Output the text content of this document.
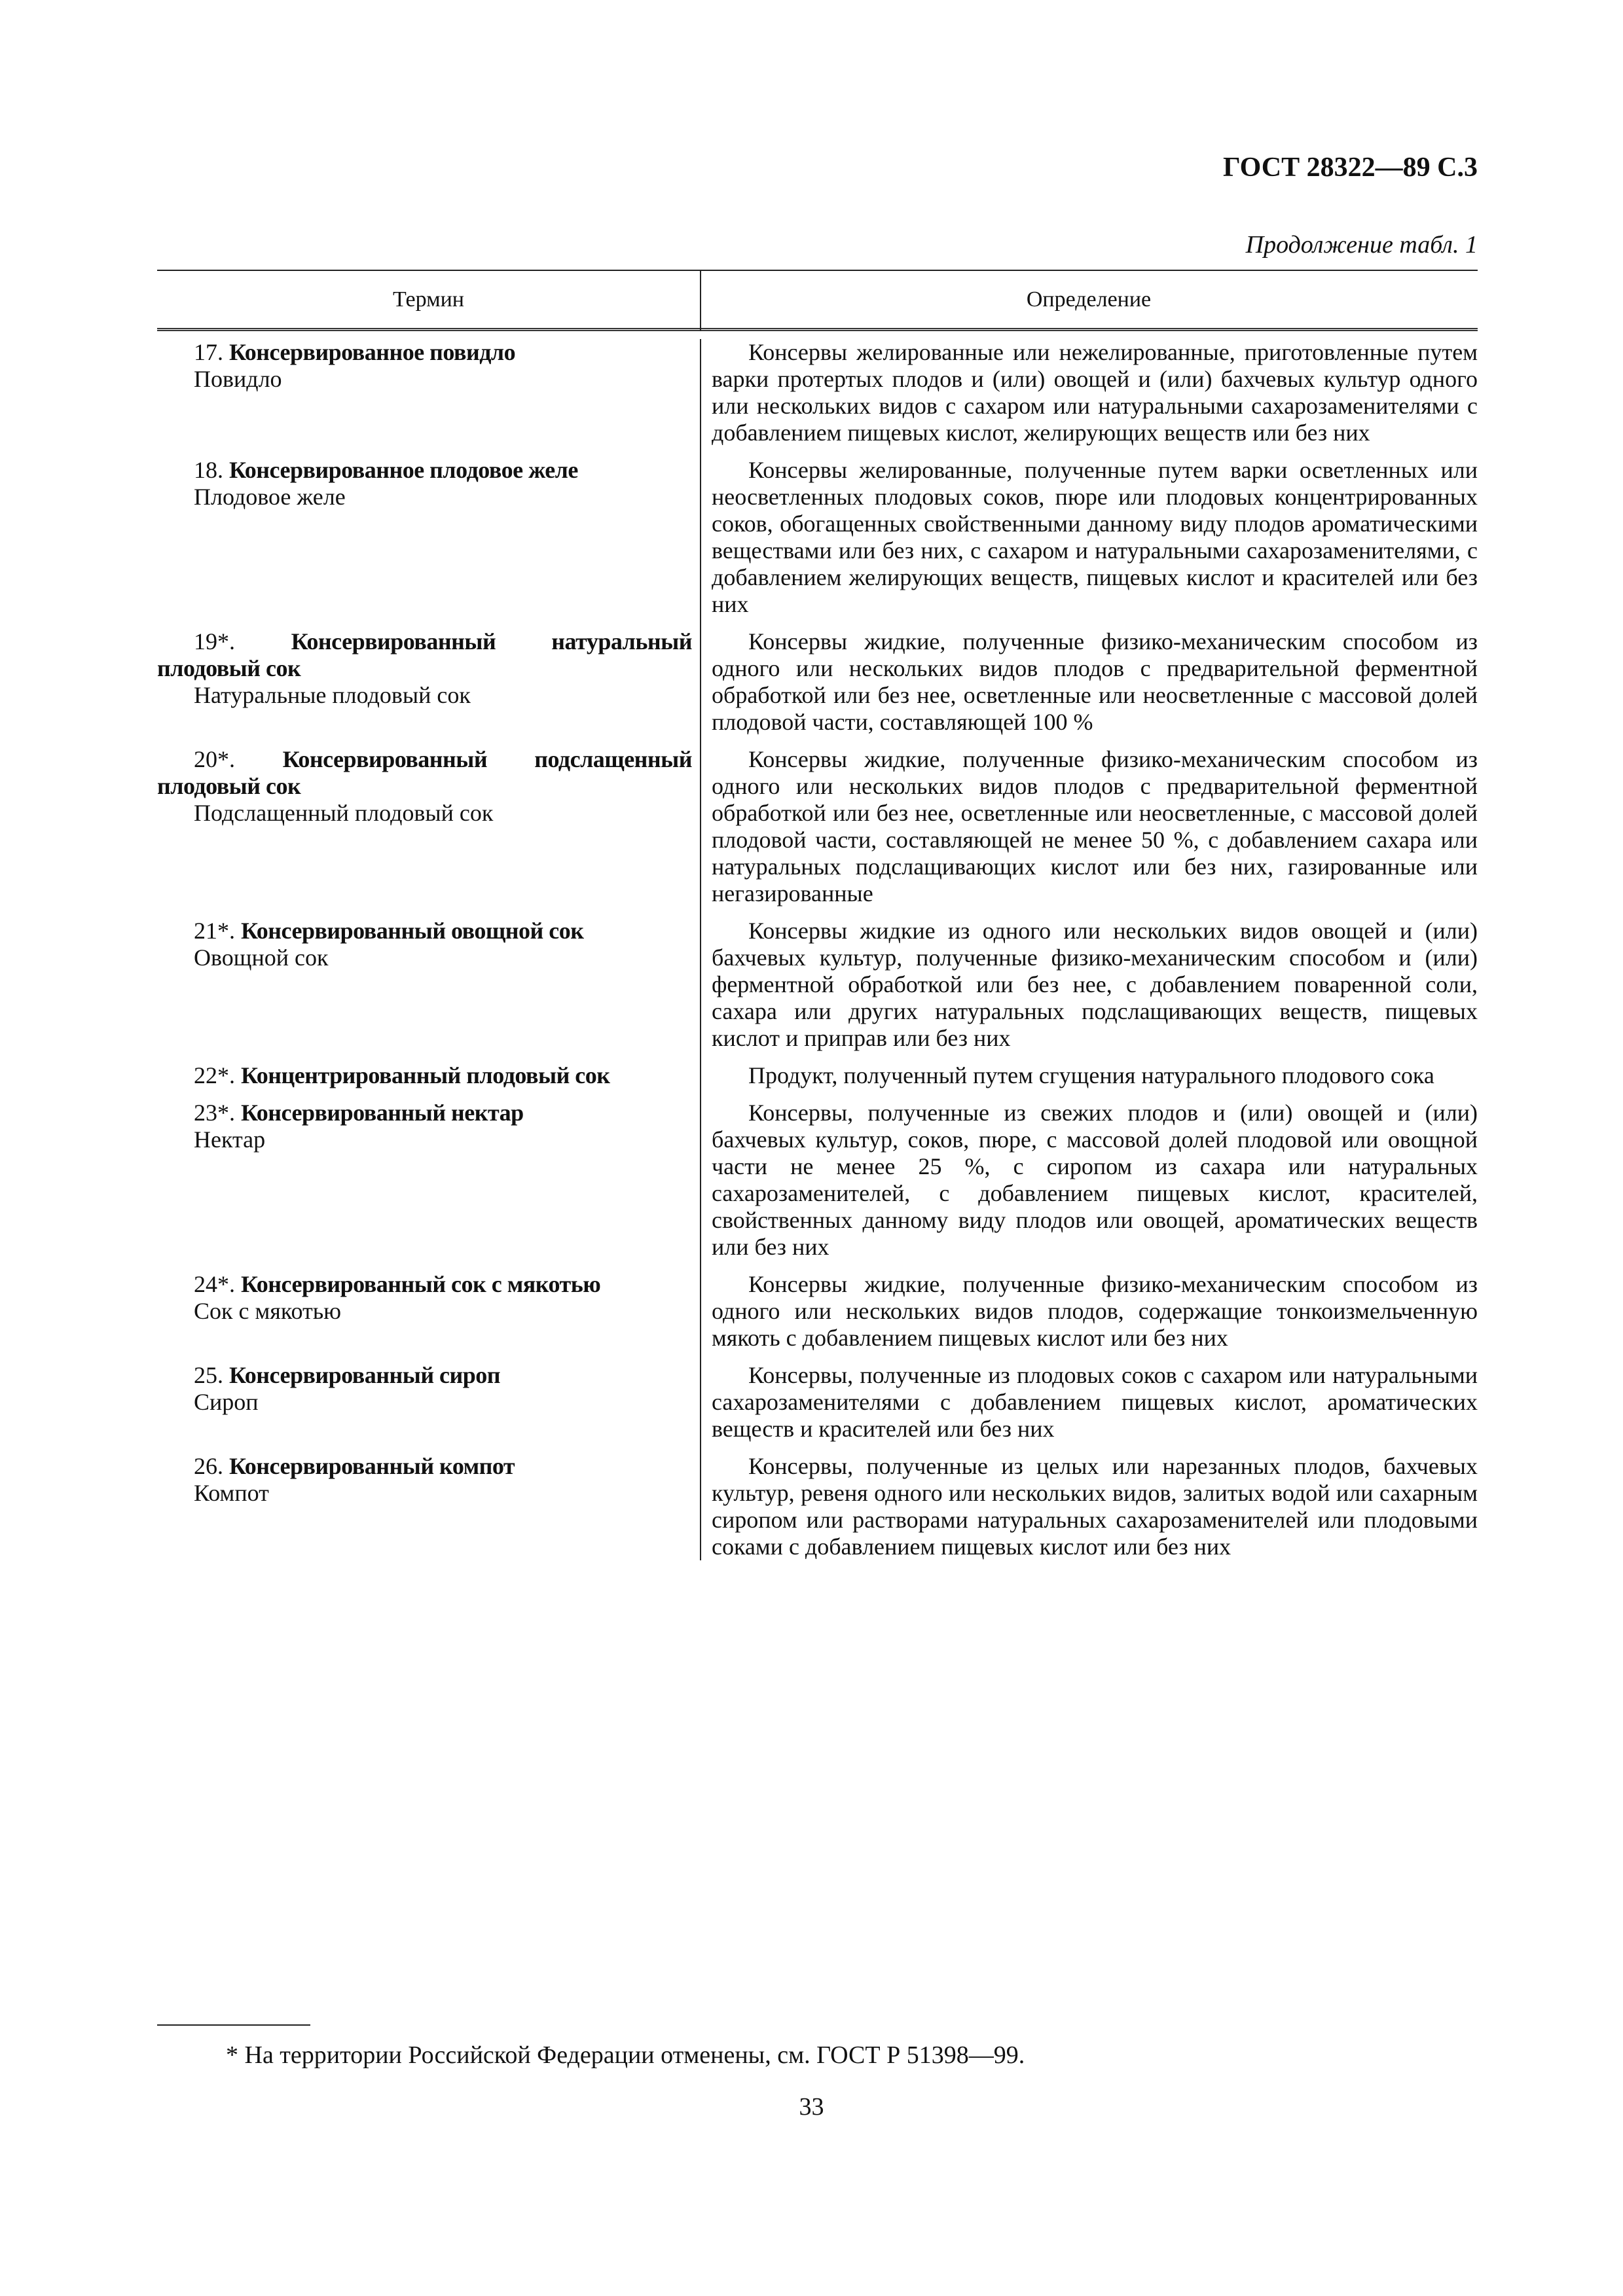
ГОСТ 28322—89 С.3
Продолжение табл. 1
Термин	Определение
17. Консервированное повидло
Повидло
Консервы желированные или нежелированные, приготовленные путем варки протертых плодов и (или) овощей и (или) бахчевых культур одного или нескольких видов с сахаром или натуральными сахарозаменителями с добавлением пищевых кислот, желирующих веществ или без них
18. Консервированное плодовое желе
Плодовое желе
Консервы желированные, полученные путем варки осветленных или неосветленных плодовых соков, пюре или плодовых концентрированных соков, обогащенных свойственными данному виду плодов ароматическими веществами или без них, с сахаром и натуральными сахарозаменителями, с добавлением желирующих веществ, пищевых кислот и красителей или без них
19*. Консервированный натуральный плодовый сок
Натуральные плодовый сок
Консервы жидкие, полученные физико-механическим способом из одного или нескольких видов плодов с предварительной ферментной обработкой или без нее, осветленные или неосветленные с массовой долей плодовой части, составляющей 100 %
20*. Консервированный подслащенный плодовый сок
Подслащенный плодовый сок
Консервы жидкие, полученные физико-механическим способом из одного или нескольких видов плодов с предварительной ферментной обработкой или без нее, осветленные или неосветленные, с массовой долей плодовой части, составляющей не менее 50 %, с добавлением сахара или натуральных подслащивающих кислот или без них, газированные или негазированные
21*. Консервированный овощной сок
Овощной сок
Консервы жидкие из одного или нескольких видов овощей и (или) бахчевых культур, полученные физико-механическим способом и (или) ферментной обработкой или без нее, с добавлением поваренной соли, сахара или других натуральных подслащивающих веществ, пищевых кислот и приправ или без них
22*. Концентрированный плодовый сок	Продукт, полученный путем сгущения натурального плодового сока
23*. Консервированный нектар
Нектар
Консервы, полученные из свежих плодов и (или) овощей и (или) бахчевых культур, соков, пюре, с массовой долей плодовой или овощной части не менее 25 %, с сиропом из сахара или натуральных сахарозаменителей, с добавлением пищевых кислот, красителей, свойственных данному виду плодов или овощей, ароматических веществ или без них
24*. Консервированный сок с мякотью
Сок с мякотью
Консервы жидкие, полученные физико-механическим способом из одного или нескольких видов плодов, содержащие тонкоизмельченную мякоть с добавлением пищевых кислот или без них
25. Консервированный сироп
Сироп
Консервы, полученные из плодовых соков с сахаром или натуральными сахарозаменителями с добавлением пищевых кислот, ароматических веществ и красителей или без них
26. Консервированный компот
Компот
Консервы, полученные из целых или нарезанных плодов, бахчевых культур, ревеня одного или нескольких видов, залитых водой или сахарным сиропом или растворами натуральных сахарозаменителей или плодовыми соками с добавлением пищевых кислот или без них
* На территории Российской Федерации отменены, см. ГОСТ Р 51398—99.
33
